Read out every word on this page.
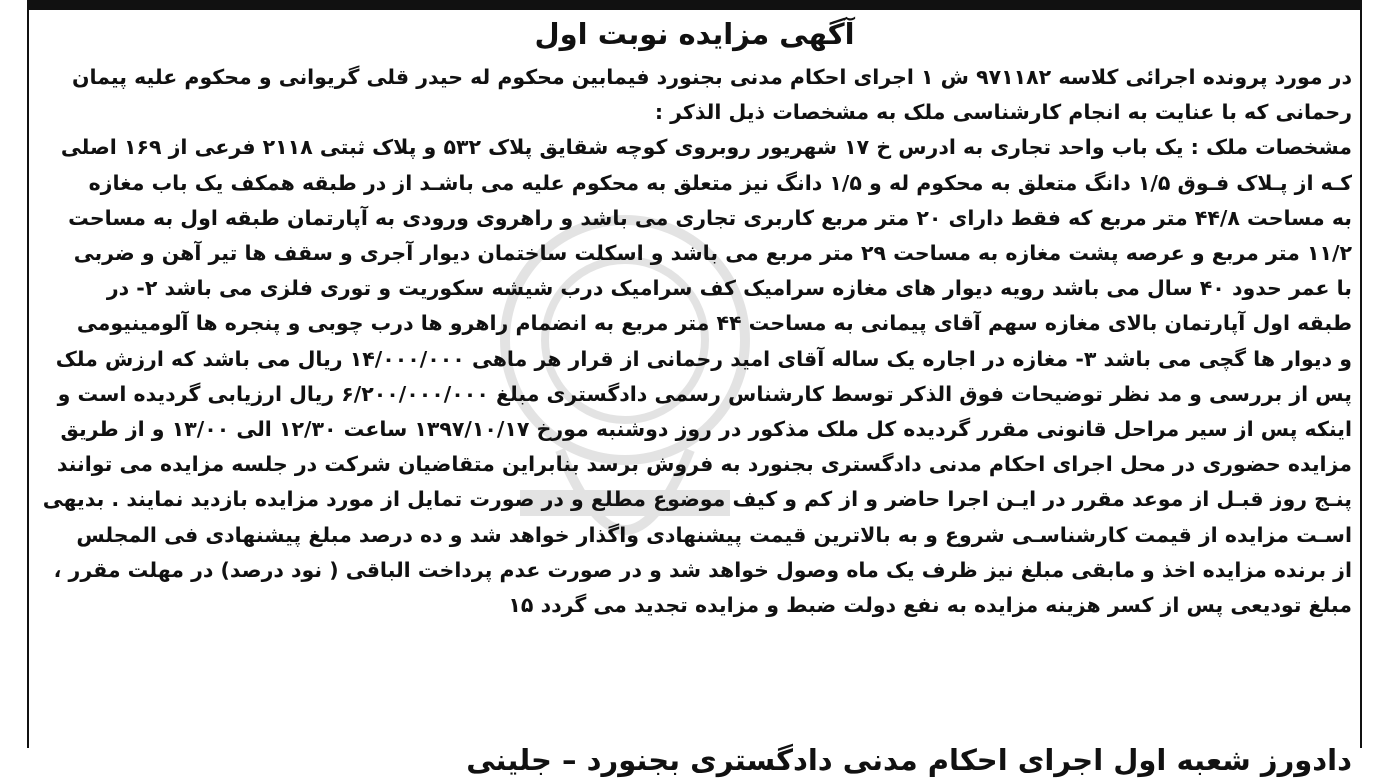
آگهی مزایده نوبت اول
در مورد پرونده اجرائی کلاسه ۹۷۱۱۸۲ ش ۱ اجرای احکام مدنی بجنورد فیمابین محکوم له حیدر قلی گریوانی و محکوم علیه پیمان
رحمانی که با عنایت به انجام کارشناسی ملک به مشخصات ذیل الذکر :
مشخصات ملک : یک باب واحد تجاری به ادرس خ ۱۷ شهریور روبروی کوچه شقایق پلاک ۵۳۲ و پلاک ثبتی ۲۱۱۸ فرعی از ۱۶۹ اصلی
کـه از پـلاک فـوق ۱/۵ دانگ متعلق به محکوم له و ۱/۵ دانگ نیز متعلق به محکوم علیه می باشـد از در طبقه همکف یک باب مغازه
به مساحت ۴۴/۸ متر مربع که فقط دارای ۲۰ متر مربع کاربری تجاری می باشد و راهروی ورودی به آپارتمان طبقه اول به مساحت
۱۱/۲ متر مربع و عرصه پشت مغازه به مساحت ۲۹ متر مربع می باشد و اسکلت ساختمان دیوار آجری و سقف ها تیر آهن و ضربی
با عمر حدود ۴۰ سال می باشد رویه دیوار های مغازه سرامیک کف سرامیک درب شیشه سکوریت و توری فلزی می باشد ۲- در
طبقه اول آپارتمان بالای مغازه سهم آقای پیمانی به مساحت ۴۴ متر مربع به انضمام راهرو ها درب چوبی و پنجره ها آلومینیومی
و دیوار ها گچی می باشد ۳- مغازه در اجاره یک ساله آقای امید رحمانی از قرار هر ماهی ۱۴/۰۰۰/۰۰۰ ریال می باشد که ارزش ملک
پس از بررسی و مد نظر توضیحات فوق الذکر توسط کارشناس رسمی دادگستری مبلغ ۶/۲۰۰/۰۰۰/۰۰۰ ریال ارزیابی گردیده است و
اینکه پس از سیر مراحل قانونی مقرر گردیده کل ملک مذکور در روز دوشنبه مورخ ۱۳۹۷/۱۰/۱۷ ساعت ۱۲/۳۰ الی ۱۳/۰۰ و از طریق
مزایده حضوری در محل اجرای احکام مدنی دادگستری بجنورد به فروش برسد بنابراین متقاضیان شرکت در جلسه مزایده می توانند
پنـج روز قبـل از موعد مقرر در ایـن اجرا حاضر و از کم و کیف موضوع مطلع و در صورت تمایل از مورد مزایده بازدید نمایند . بدیهی
اسـت مزایده از قیمت کارشناسـی شروع و به بالاترین قیمت پیشنهادی واگذار خواهد شد و ده درصد مبلغ پیشنهادی فی المجلس
از برنده مزایده اخذ و مابقی مبلغ نیز ظرف یک ماه وصول خواهد شد و در صورت عدم پرداخت الباقی ( نود درصد) در مهلت مقرر ،
مبلغ تودیعی پس از کسر هزینه مزایده به نفع دولت ضبط و مزایده تجدید می گردد ۱۵
دادورز شعبه اول اجرای احکام مدنی دادگستری بجنورد – جلینی
